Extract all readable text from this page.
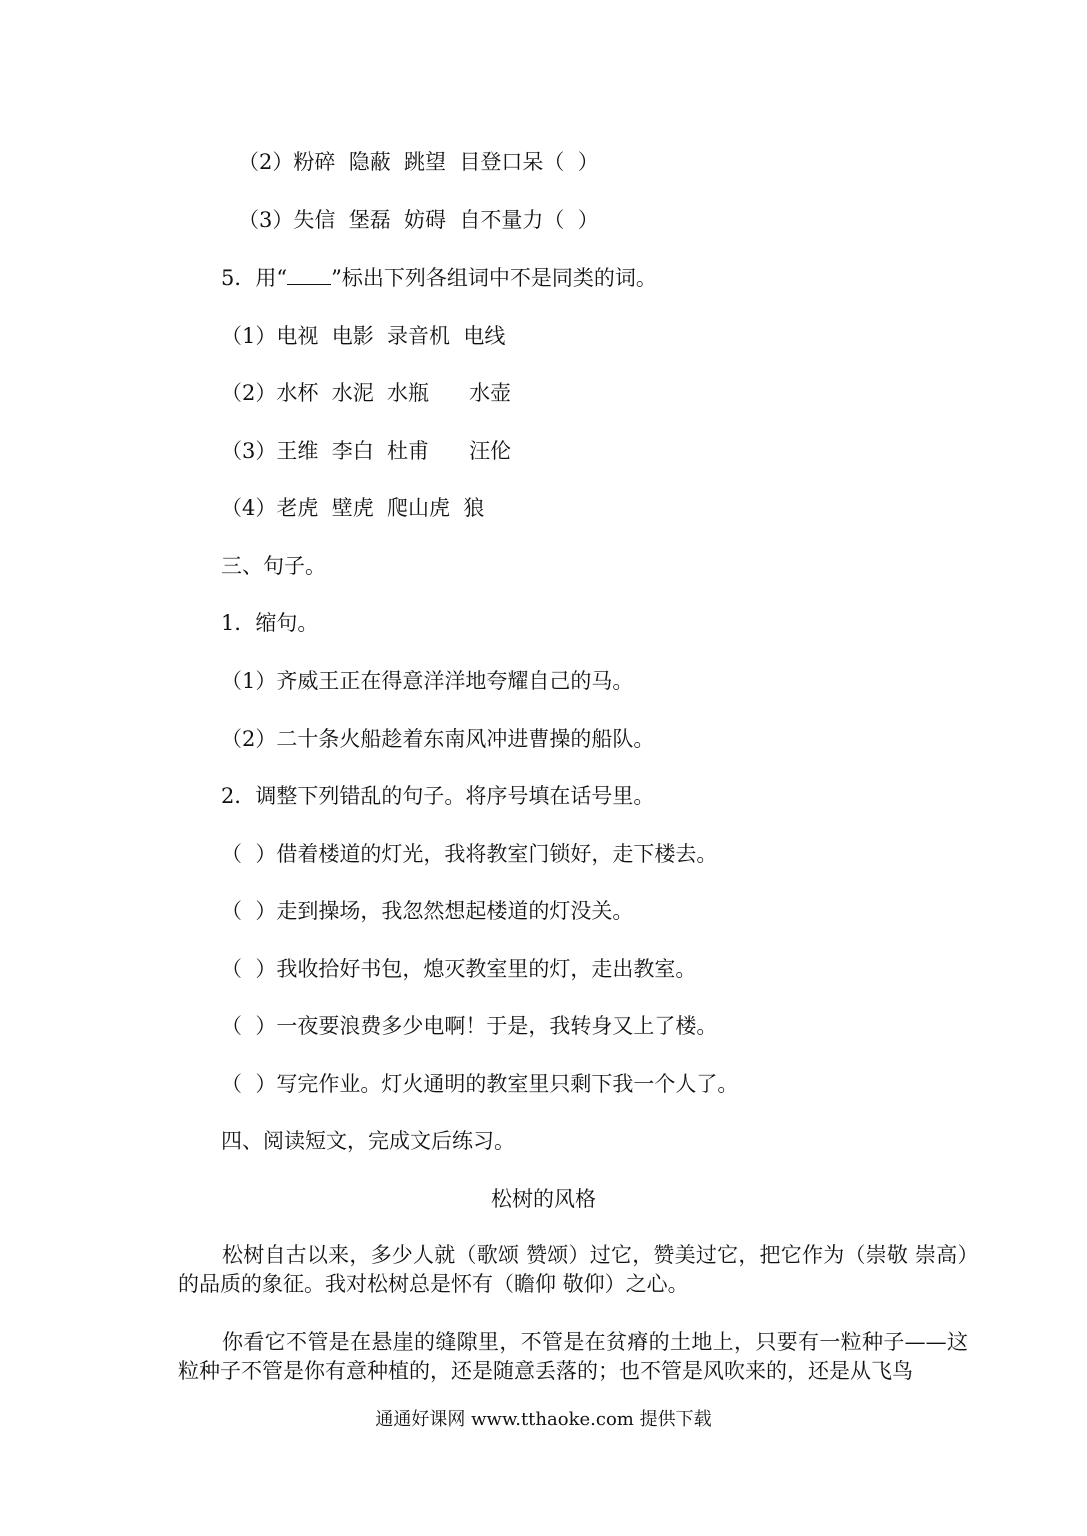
（2）粉碎  隐蔽  跳望  目登口呆（  ）
（3）失信  堡磊  妨碍  自不量力（  ）
5．用“ ”标出下列各组词中不是同类的词。
（1）电视  电影  录音机  电线
（2）水杯  水泥  水瓶      水壶
（3）王维  李白  杜甫      汪伦
（4）老虎  壁虎  爬山虎  狼
三、句子。
1．缩句。
（1）齐威王正在得意洋洋地夸耀自己的马。
（2）二十条火船趁着东南风冲进曹操的船队。
2．调整下列错乱的句子。将序号填在话号里。
（  ）借着楼道的灯光，我将教室门锁好，走下楼去。
（  ）走到操场，我忽然想起楼道的灯没关。
（  ）我收拾好书包，熄灭教室里的灯，走出教室。
（  ）一夜要浪费多少电啊！于是，我转身又上了楼。
（  ）写完作业。灯火通明的教室里只剩下我一个人了。
四、阅读短文，完成文后练习。
松树的风格
松树自古以来，多少人就（歌颂 赞颂）过它，赞美过它，把它作为（崇敬 崇高）的品质的象征。我对松树总是怀有（瞻仰 敬仰）之心。
你看它不管是在悬崖的缝隙里，不管是在贫瘠的土地上，只要有一粒种子——这粒种子不管是你有意种植的，还是随意丢落的；也不管是风吹来的，还是从飞鸟
通通好课网 www.tthaoke.com 提供下载
